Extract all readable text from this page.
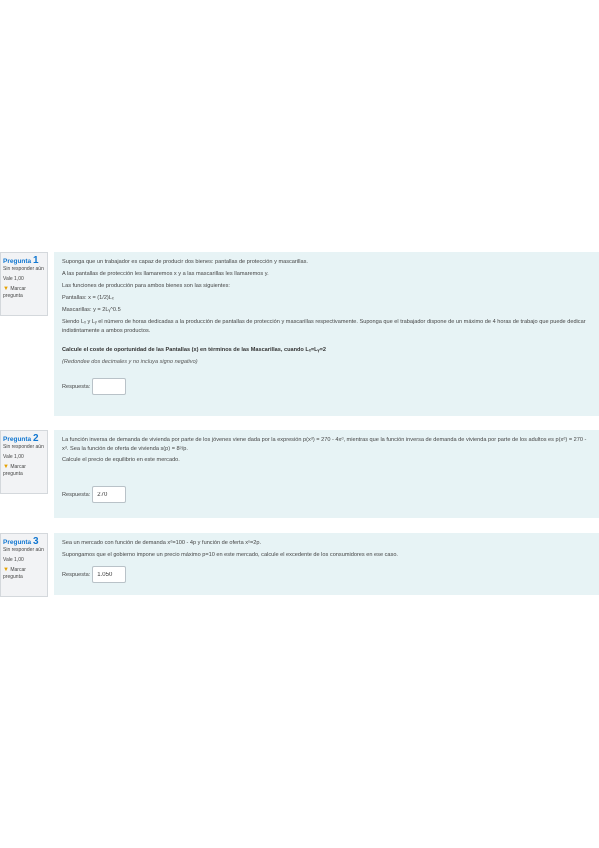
Pregunta 1
Sin responder aún
Vale 1,00
▼ Marcar pregunta

Suponga que un trabajador es capaz de producir dos bienes: pantallas de protección y mascarillas.

A las pantallas de protección les llamaremos x y a las mascarillas les llamaremos y.

Las funciones de producción para ambos bienes son las siguientes:

Pantallas: x = (1/2)Lₓ

Mascarillas: y = 2Lᵧ^0.5

Siendo Lₓ y Lᵧ el número de horas dedicadas a la producción de pantallas de protección y mascarillas respectivamente. Suponga que el trabajador dispone de un máximo de 4 horas de trabajo que puede dedicar indistintamente a ambos productos.

Calcule el coste de oportunidad de las Pantallas (x) en términos de las Mascarillas, cuando Lₓ=Lᵧ=2

(Redondee dos decimales y no incluya signo negativo)

Respuesta:
Pregunta 2
Sin responder aún
Vale 1,00
▼ Marcar pregunta

La función inversa de demanda de vivienda por parte de los jóvenes viene dada por la expresión p(xᵈ) = 270 - 4xᵈ, mientras que la función inversa de demanda de vivienda por parte de los adultos es p(xᵈ) = 270 - xᵈ. Sea la función de oferta de vivienda s(p) = 8ᵖ/p.

Calcule el precio de equilibrio en este mercado.

Respuesta:
270
Pregunta 3
Sin responder aún
Vale 1,00
▼ Marcar pregunta

Sea un mercado con función de demanda xᵈ=100 - 4p y función de oferta xˢ=2p.

Supongamos que el gobierno impone un precio máximo p=10 en este mercado, calcule el excedente de los consumidores en ese caso.

Respuesta:
1.050
